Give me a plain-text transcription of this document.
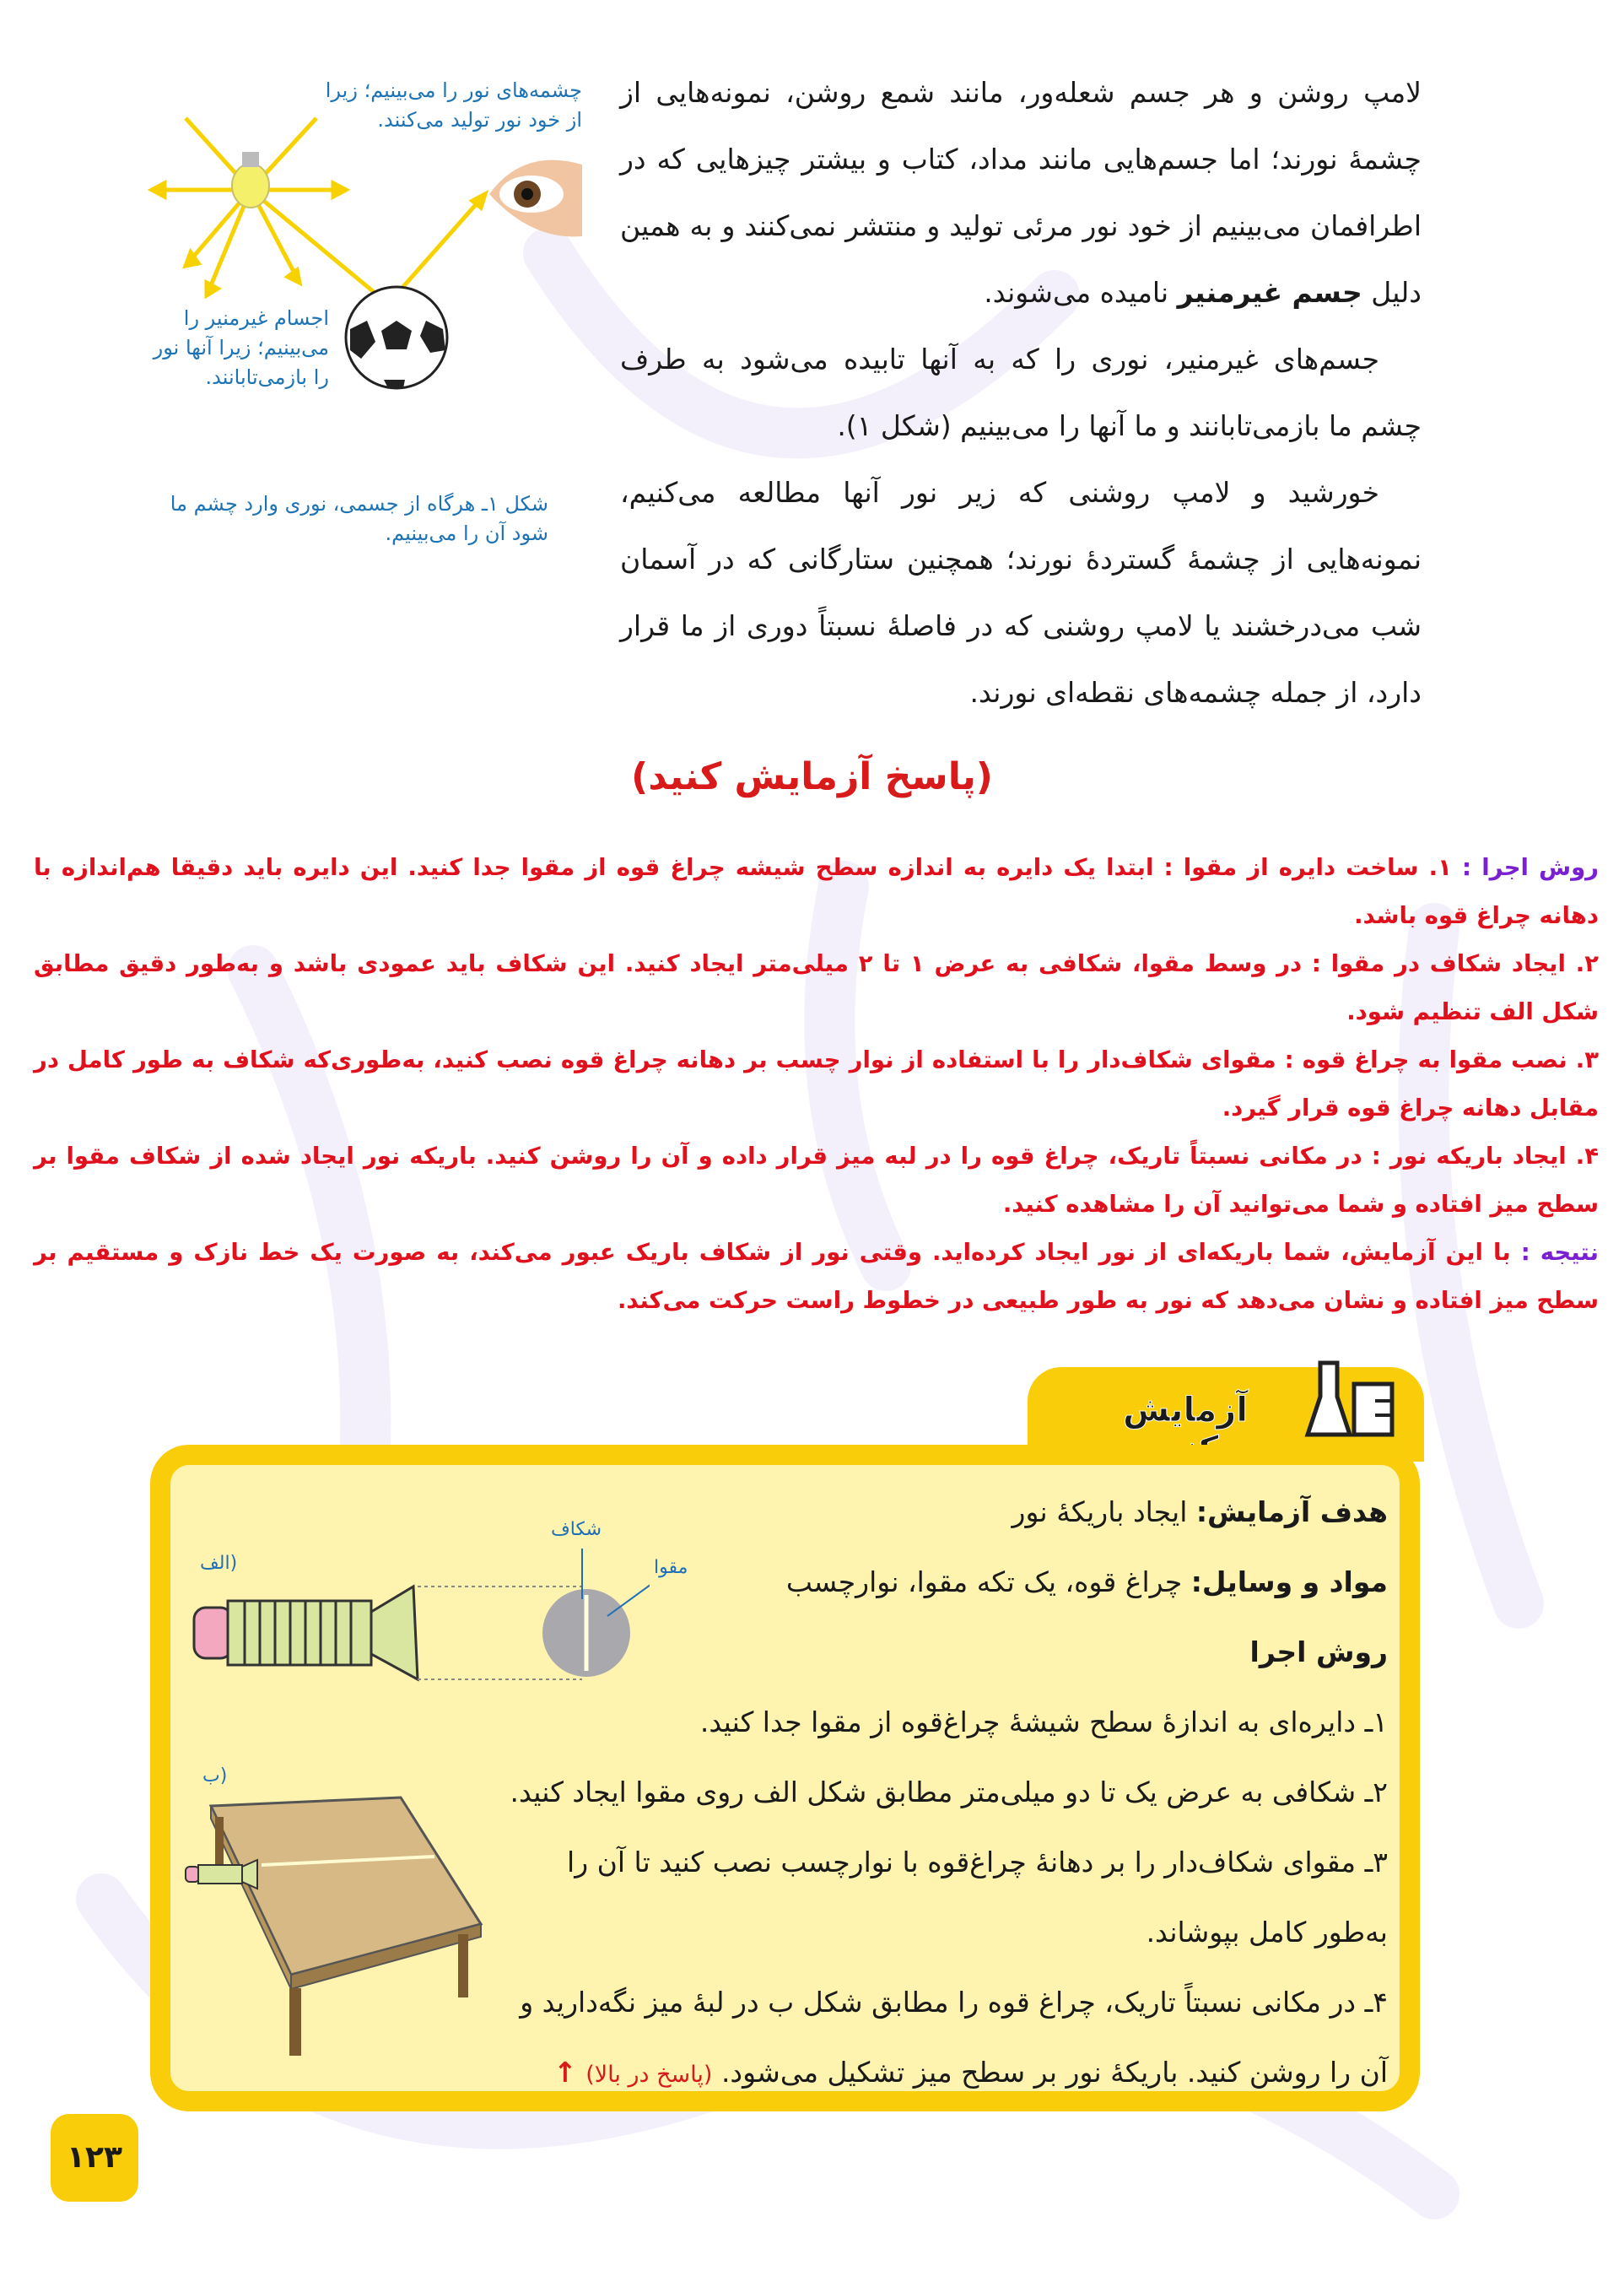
چشمه‌های نور را می‌بینیم؛ زیرا از خود نور تولید می‌کنند.
اجسام غیرمنیر را می‌بینیم؛ زیرا آنها نور را بازمی‌تابانند.
شکل ۱ـ هرگاه از جسمی، نوری وارد چشم ما شود آن را می‌بینیم.

لامپ روشن و هر جسم شعله‌ور، مانند شمع روشن، نمونه‌هایی از چشمهٔ نورند؛ اما جسم‌هایی مانند مداد، کتاب و بیشتر چیزهایی که در اطرافمان می‌بینیم از خود نور مرئی تولید و منتشر نمی‌کنند و به همین دلیل جسم غیرمنیر نامیده می‌شوند.

جسم‌های غیرمنیر، نوری را که به آنها تابیده می‌شود به طرف چشم ما بازمی‌تابانند و ما آنها را می‌بینیم (شکل ۱).

خورشید و لامپ روشنی که زیر نور آنها مطالعه می‌کنیم، نمونه‌هایی از چشمهٔ گستردهٔ نورند؛ همچنین ستارگانی که در آسمان شب می‌درخشند یا لامپ روشنی که در فاصلهٔ نسبتاً دوری از ما قرار دارد، از جمله چشمه‌های نقطه‌ای نورند.

(پاسخ آزمایش کنید)

روش اجرا : ۱. ساخت دایره از مقوا : ابتدا یک دایره به اندازه سطح شیشه چراغ قوه از مقوا جدا کنید. این دایره باید دقیقا هم‌اندازه با دهانه چراغ قوه باشد.

۲. ایجاد شکاف در مقوا : در وسط مقوا، شکافی به عرض ۱ تا ۲ میلی‌متر ایجاد کنید. این شکاف باید عمودی باشد و به‌طور دقیق مطابق شکل الف تنظیم شود.

۳. نصب مقوا به چراغ قوه : مقوای شکاف‌دار را با استفاده از نوار چسب بر دهانه چراغ قوه نصب کنید، به‌طوری‌که شکاف به طور کامل در مقابل دهانه چراغ قوه قرار گیرد.

۴. ایجاد باریکه نور : در مکانی نسبتاً تاریک، چراغ قوه را در لبه میز قرار داده و آن را روشن کنید. باریکه نور ایجاد شده از شکاف مقوا بر سطح میز افتاده و شما می‌توانید آن را مشاهده کنید.

نتیجه : با این آزمایش، شما باریکه‌ای از نور ایجاد کرده‌اید. وقتی نور از شکاف باریک عبور می‌کند، به صورت یک خط نازک و مستقیم بر سطح میز افتاده و نشان می‌دهد که نور به طور طبیعی در خطوط راست حرکت می‌کند.

آزمایش

هدف آزمایش: ایجاد باریکهٔ نور

مواد و وسایل: چراغ قوه، یک تکه مقوا، نوارچسب

روش اجرا

۱ـ دایره‌ای به اندازهٔ سطح شیشهٔ چراغ‌قوه از مقوا جدا کنید.

۲ـ شکافی به عرض یک تا دو میلی‌متر مطابق شکل الف روی مقوا ایجاد کنید.

۳ـ مقوای شکاف‌دار را بر دهانهٔ چراغ‌قوه با نوارچسب نصب کنید تا آن را به‌طور کامل بپوشاند.

۴ـ در مکانی نسبتاً تاریک، چراغ قوه را مطابق شکل ب در لبهٔ میز نگه‌دارید و آن را روشن کنید. باریکهٔ نور بر سطح میز تشکیل می‌شود. (پاسخ در بالا) ↑

الف)
شکاف
مقوا
ب)
۱۲۳
